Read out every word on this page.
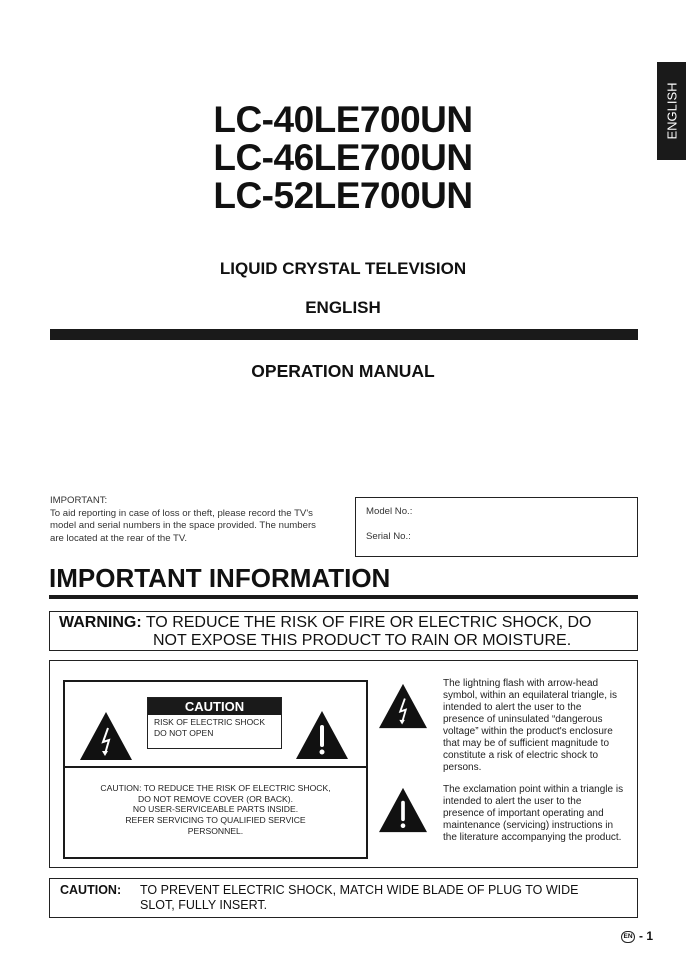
ENGLISH
LC-40LE700UN
LC-46LE700UN
LC-52LE700UN
LIQUID CRYSTAL TELEVISION
ENGLISH
OPERATION MANUAL
IMPORTANT:
To aid reporting in case of loss or theft, please record the TV's model and serial numbers in the space provided. The numbers are located at the rear of the TV.
Model No.:
Serial No.:
IMPORTANT INFORMATION
WARNING: TO REDUCE THE RISK OF FIRE OR ELECTRIC SHOCK, DO
NOT EXPOSE THIS PRODUCT TO RAIN OR MOISTURE.
CAUTION
RISK OF ELECTRIC SHOCK
DO NOT OPEN
CAUTION: TO REDUCE THE RISK OF ELECTRIC SHOCK,
DO NOT REMOVE COVER (OR BACK).
NO USER-SERVICEABLE PARTS INSIDE.
REFER SERVICING TO QUALIFIED SERVICE
PERSONNEL.
The lightning flash with arrow-head symbol, within an equilateral triangle, is intended to alert the user to the presence of uninsulated “dangerous voltage” within the product's enclosure that may be of sufficient magnitude to constitute a risk of electric shock to persons.
The exclamation point within a triangle is intended to alert the user to the presence of important operating and maintenance (servicing) instructions in the literature accompanying the product.
CAUTION:	TO PREVENT ELECTRIC SHOCK, MATCH WIDE BLADE OF PLUG TO WIDE SLOT, FULLY INSERT.
EN - 1
